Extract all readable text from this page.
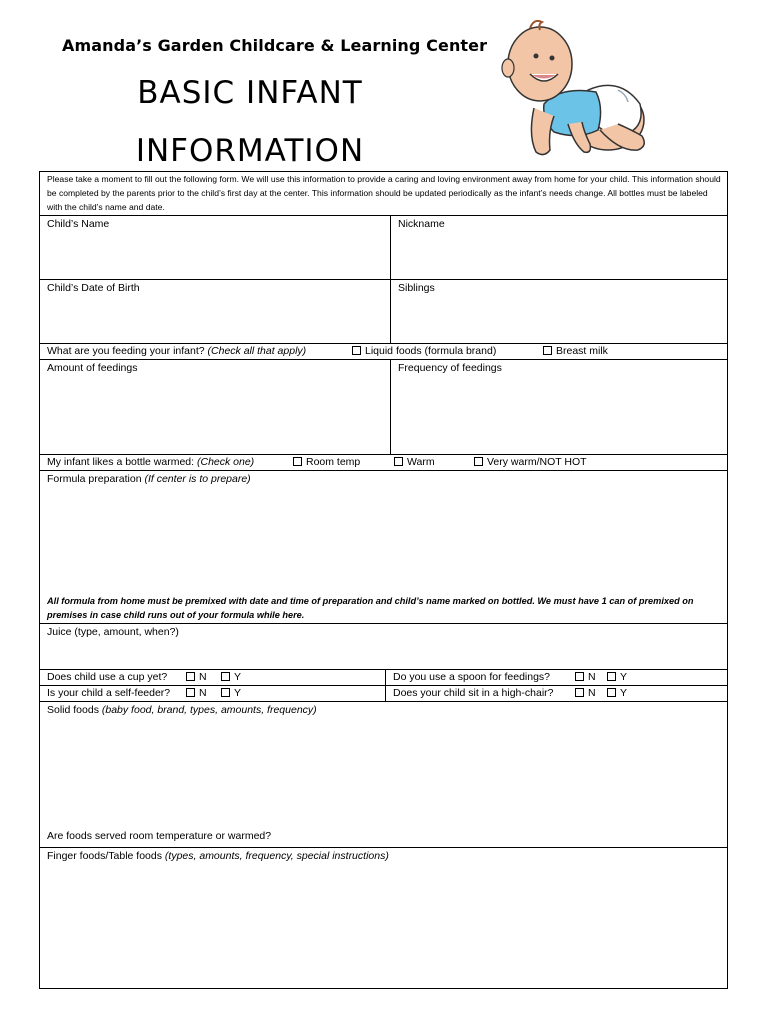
Amanda’s Garden Childcare & Learning Center
BASIC INFANT
INFORMATION
Please take a moment to fill out the following form. We will use this information to provide a caring and loving environment away from home for your child. This information should be completed by the parents prior to the child’s first day at the center. This information should be updated periodically as the infant’s needs change. All bottles must be labeled with the child’s name and date.
Child’s Name	Nickname
Child’s Date of Birth	Siblings
What are you feeding your infant? (Check all that apply)	Liquid foods (formula brand)	Breast milk
Amount of feedings	Frequency of feedings
My infant likes a bottle warmed: (Check one)	Room temp	Warm	Very warm/NOT HOT
Formula preparation (If center is to prepare)
All formula from home must be premixed with date and time of preparation and child’s name marked on bottled. We must have 1 can of premixed on premises in case child runs out of your formula while here.
Juice (type, amount, when?)
Does child use a cup yet?	N	Y	Do you use a spoon for feedings?	N	Y
Is your child a self-feeder?	N	Y	Does your child sit in a high-chair?	N	Y
Solid foods (baby food, brand, types, amounts, frequency)
Are foods served room temperature or warmed?
Finger foods/Table foods (types, amounts, frequency, special instructions)
